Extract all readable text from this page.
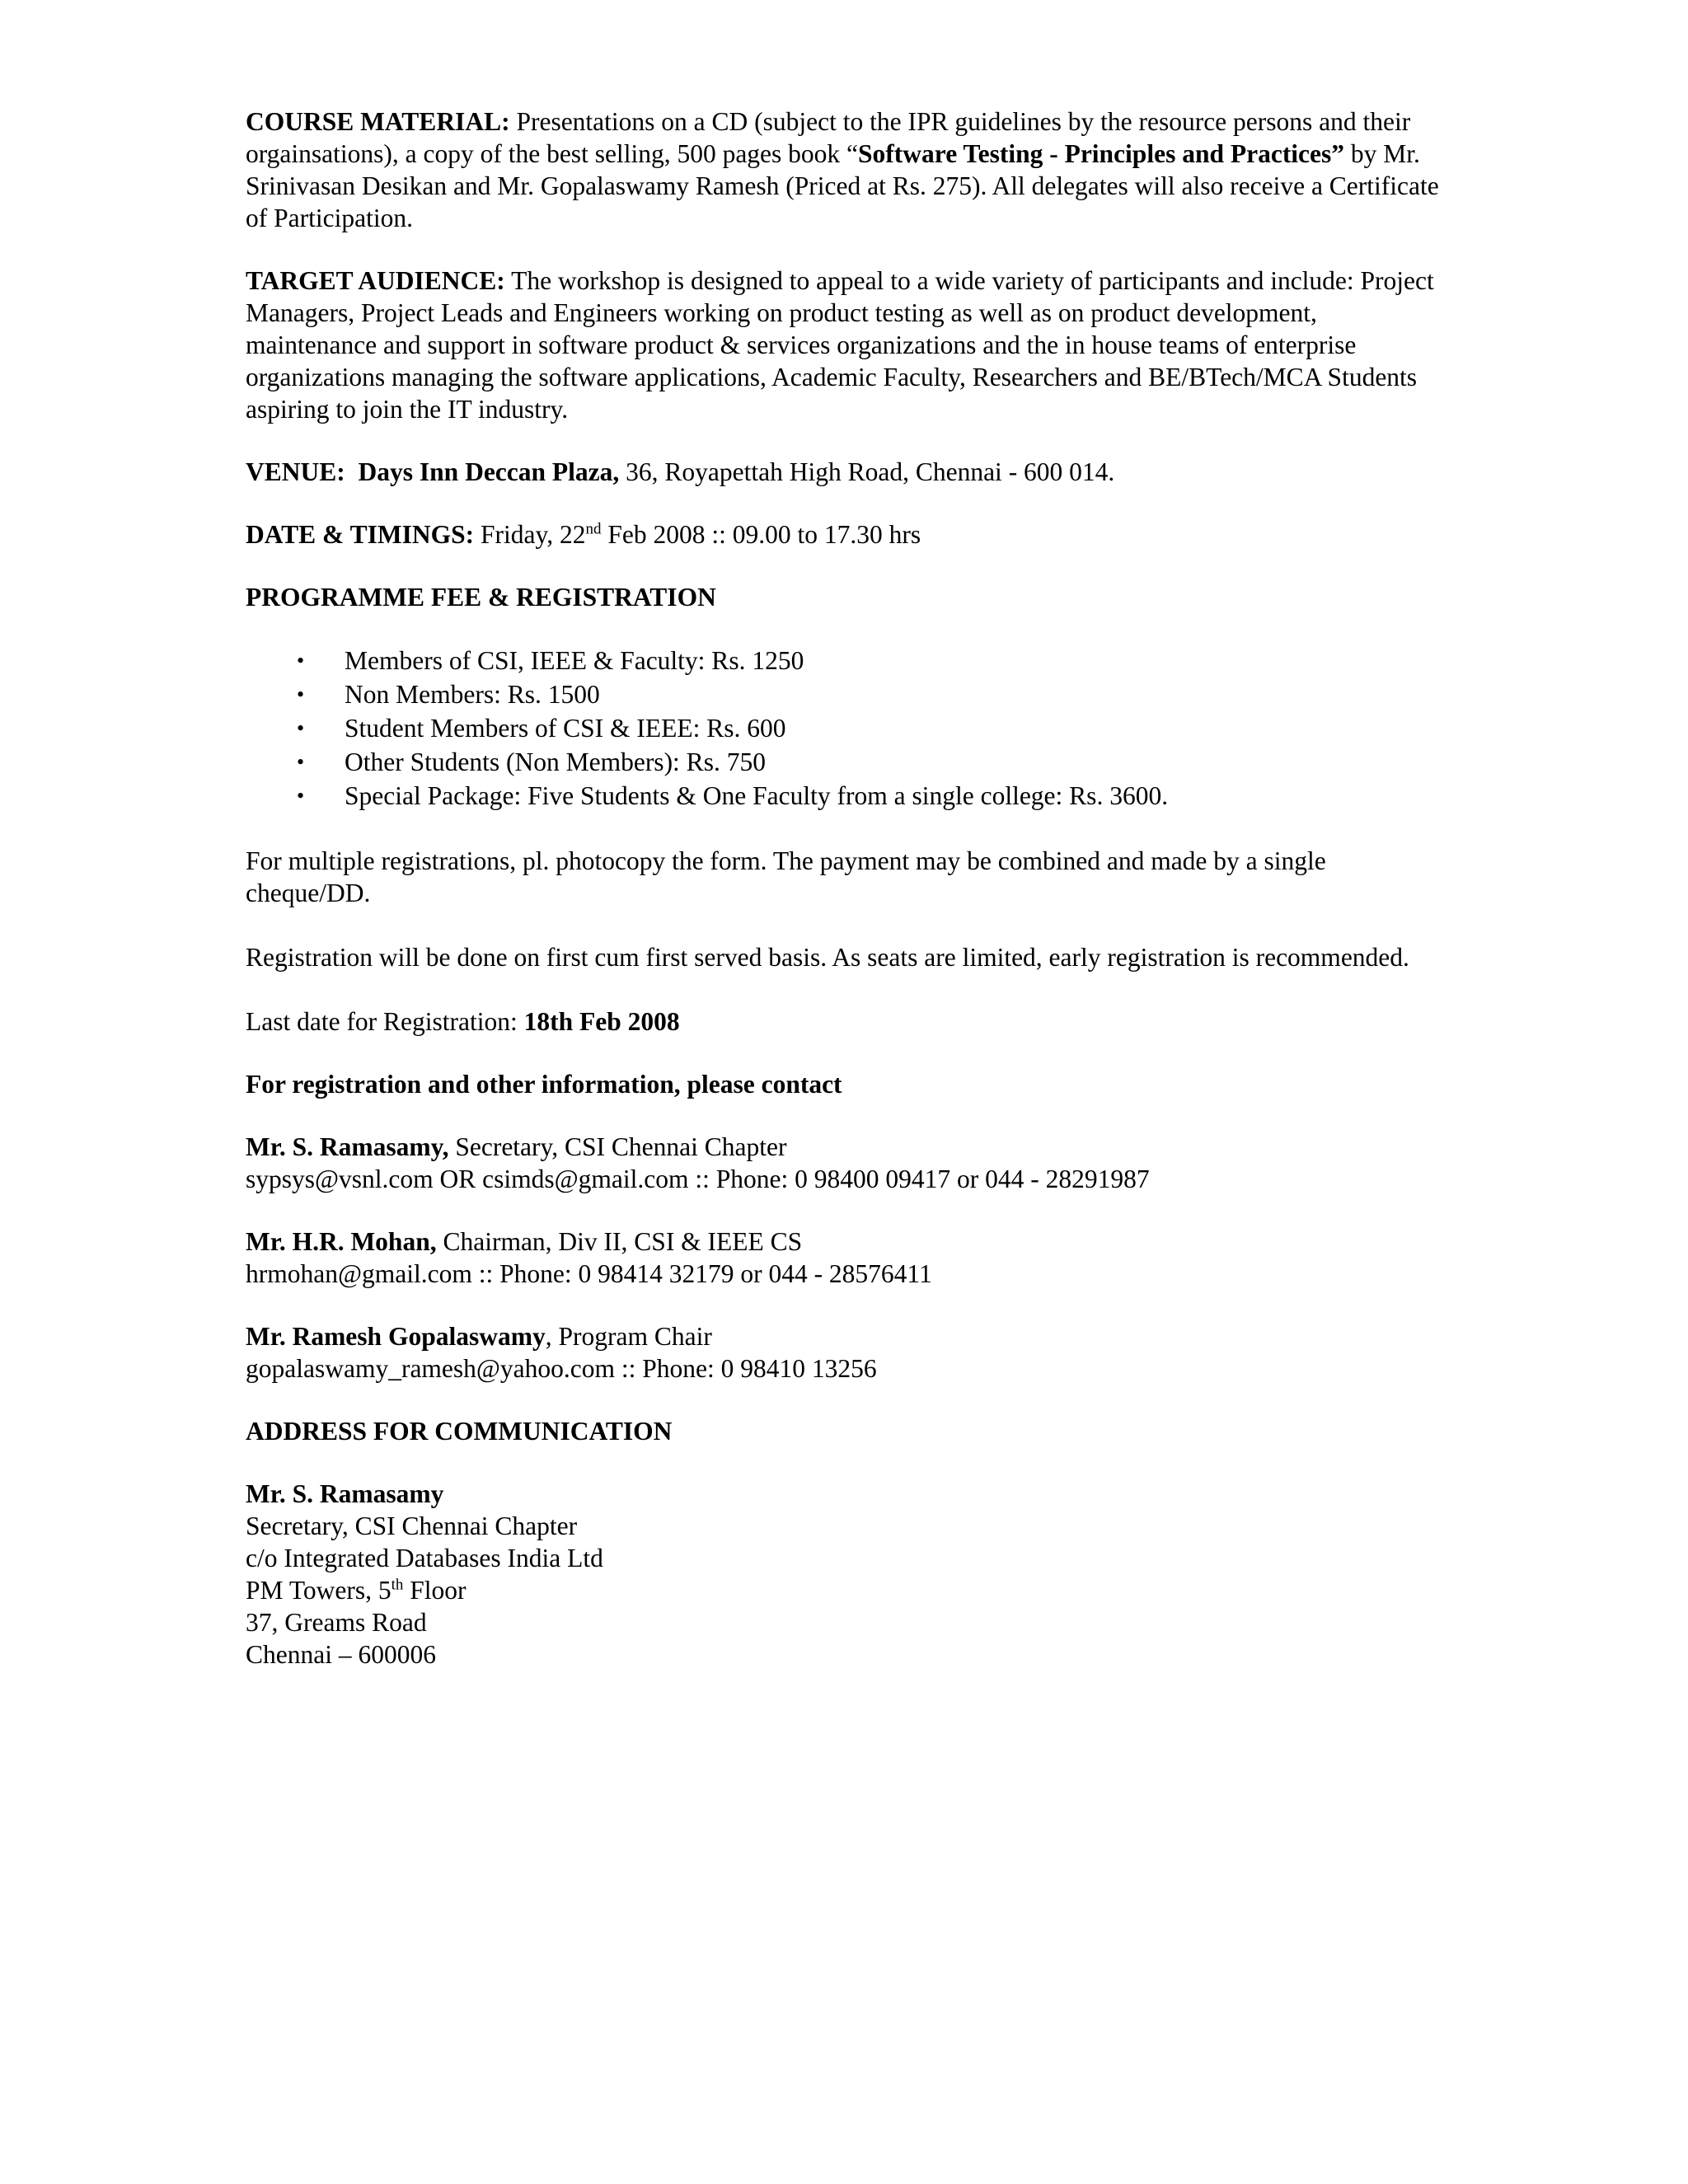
COURSE MATERIAL: Presentations on a CD (subject to the IPR guidelines by the resource persons and their orgainsations), a copy of the best selling, 500 pages book “Software Testing - Principles and Practices” by Mr. Srinivasan Desikan and Mr. Gopalaswamy Ramesh (Priced at Rs. 275). All delegates will also receive a Certificate of Participation.

TARGET AUDIENCE: The workshop is designed to appeal to a wide variety of participants and include: Project Managers, Project Leads and Engineers working on product testing as well as on product development, maintenance and support in software product & services organizations and the in house teams of enterprise organizations managing the software applications, Academic Faculty, Researchers and BE/BTech/MCA Students aspiring to join the IT industry.

VENUE: Days Inn Deccan Plaza, 36, Royapettah High Road, Chennai - 600 014.

DATE & TIMINGS: Friday, 22nd Feb 2008 :: 09.00 to 17.30 hrs

PROGRAMME FEE & REGISTRATION

• Members of CSI, IEEE & Faculty: Rs. 1250
• Non Members: Rs. 1500
• Student Members of CSI & IEEE: Rs. 600
• Other Students (Non Members): Rs. 750
• Special Package: Five Students & One Faculty from a single college: Rs. 3600.

For multiple registrations, pl. photocopy the form. The payment may be combined and made by a single cheque/DD.

Registration will be done on first cum first served basis. As seats are limited, early registration is recommended.

Last date for Registration: 18th Feb 2008

For registration and other information, please contact

Mr. S. Ramasamy, Secretary, CSI Chennai Chapter
sypsys@vsnl.com OR csimds@gmail.com :: Phone: 0 98400 09417 or 044 - 28291987

Mr. H.R. Mohan, Chairman, Div II, CSI & IEEE CS
hrmohan@gmail.com :: Phone: 0 98414 32179 or 044 - 28576411

Mr. Ramesh Gopalaswamy, Program Chair
gopalaswamy_ramesh@yahoo.com :: Phone: 0 98410 13256

ADDRESS FOR COMMUNICATION

Mr. S. Ramasamy
Secretary, CSI Chennai Chapter
c/o Integrated Databases India Ltd
PM Towers, 5th Floor
37, Greams Road
Chennai – 600006
